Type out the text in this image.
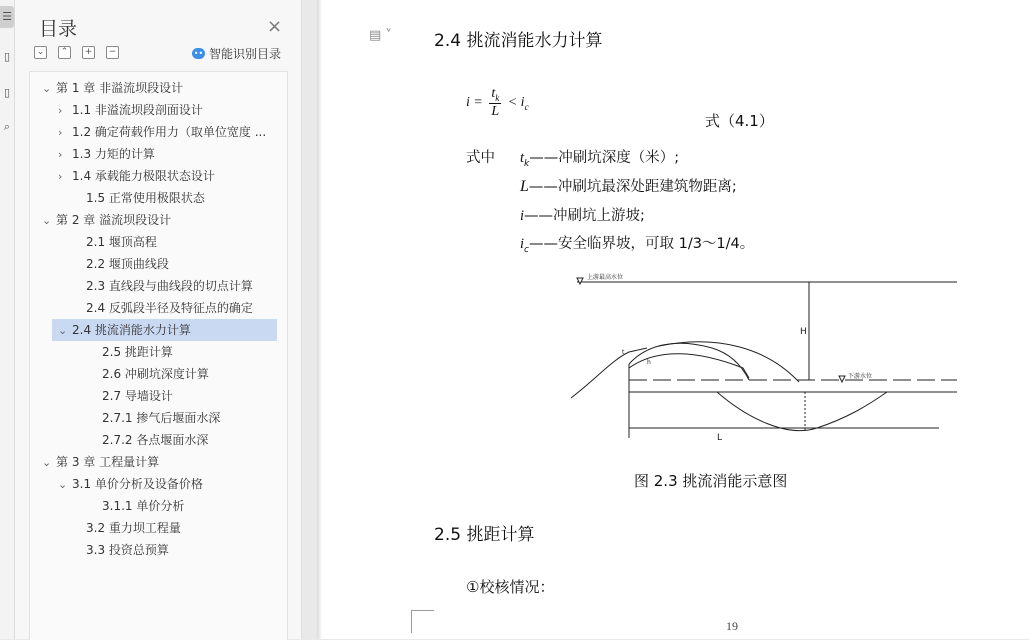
☰
▯
▯
⌕
目录	×
⌄	⌃	+	−	•• 智能识别目录
⌄ 第 1 章 非溢流坝段设计
› 1.1 非溢流坝段剖面设计
› 1.2 确定荷载作用力（取单位宽度 ...
› 1.3 力矩的计算
› 1.4 承载能力极限状态设计
1.5 正常使用极限状态
⌄ 第 2 章 溢流坝段设计
2.1 堰顶高程
2.2 堰顶曲线段
2.3 直线段与曲线段的切点计算
2.4 反弧段半径及特征点的确定
⌄ 2.4 挑流消能水力计算
2.5 挑距计算
2.6 冲刷坑深度计算
2.7 导墙设计
2.7.1 掺气后堰面水深
2.7.2 各点堰面水深
⌄ 第 3 章 工程量计算
⌄ 3.1 单价分析及设备价格
3.1.1 单价分析
3.2 重力坝工程量
3.3 投资总预算
▤ ˅ 2.4 挑流消能水力计算
$i = \frac{t_k}{L} < i_c$
式（4.1）
式中 $t_k——$冲刷坑深度（米）;
L——冲刷坑最深处距建筑物距离;
i——冲刷坑上游坡;
$i_c——$安全临界坡，可取 1/3～1/4。
上游最高水位
H
下游水位
L
h
t
图 2.3 挑流消能示意图
2.5 挑距计算
①校核情况：
19
